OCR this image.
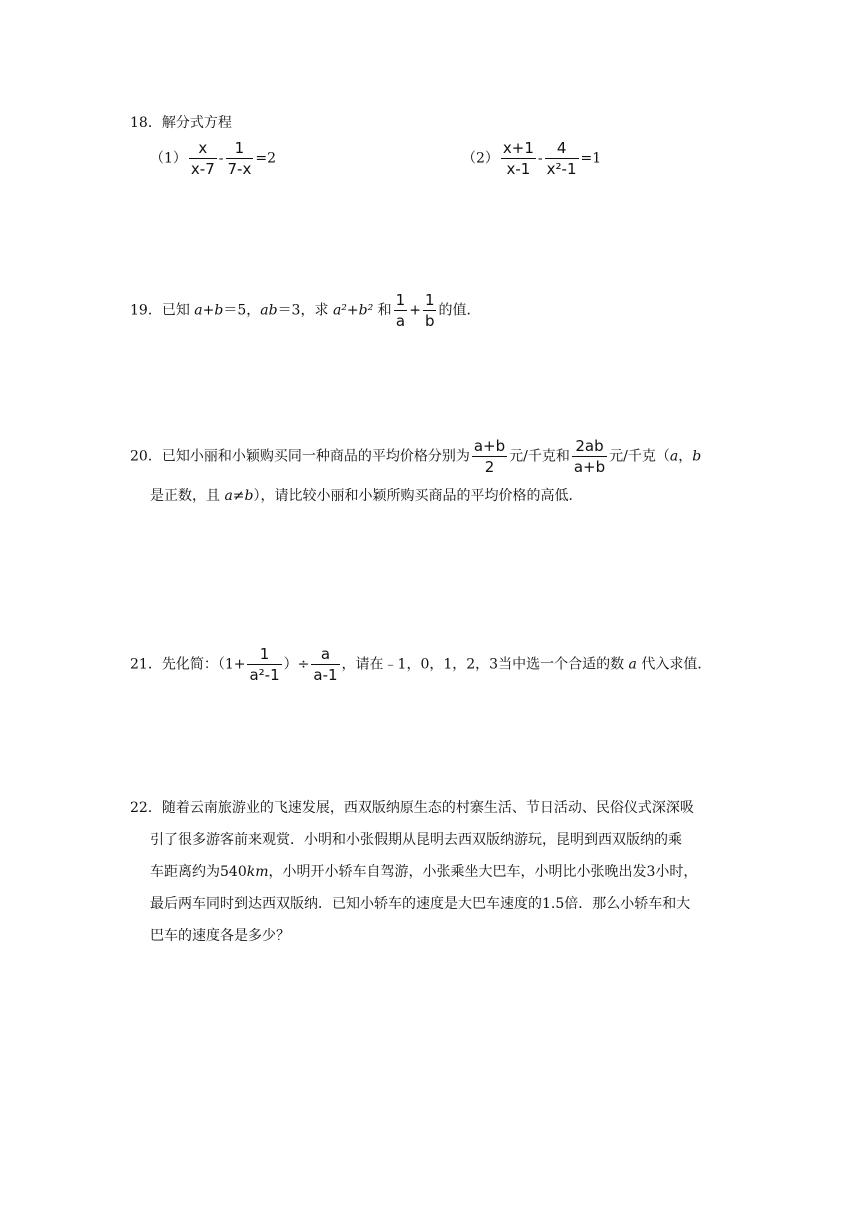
18．解分式方程
$(1) \frac{x}{x-7} - \frac{1}{7-x} =2$	$(2) \frac{x+1}{x-1} - \frac{4}{\text{x²-1}} =1$
19．已知 a+b＝5，ab＝3，求 a²+b² 和 $\frac{1}{a} + \frac{1}{b}$ 的值．
20．已知小丽和小颖购买同一种商品的平均价格分别为 $\frac{a+b}{2}$ 元/千克和 $\frac{2ab}{a+b}$ 元/千克（a，b
是正数，且 a≠b），请比较小丽和小颖所购买商品的平均价格的高低．
21．先化简：（$1+ \frac{1}{\text{a²-1}}$ ）÷ $\frac{a}{a-1}$ ，请在﹣1，0，1，2，3当中选一个合适的数 a 代入求值．
22．随着云南旅游业的飞速发展，西双版纳原生态的村寨生活、节日活动、民俗仪式深深吸
引了很多游客前来观赏．小明和小张假期从昆明去西双版纳游玩，昆明到西双版纳的乘
车距离约为540km，小明开小轿车自驾游，小张乘坐大巴车，小明比小张晚出发3小时，
最后两车同时到达西双版纳．已知小轿车的速度是大巴车速度的1.5倍．那么小轿车和大
巴车的速度各是多少？
